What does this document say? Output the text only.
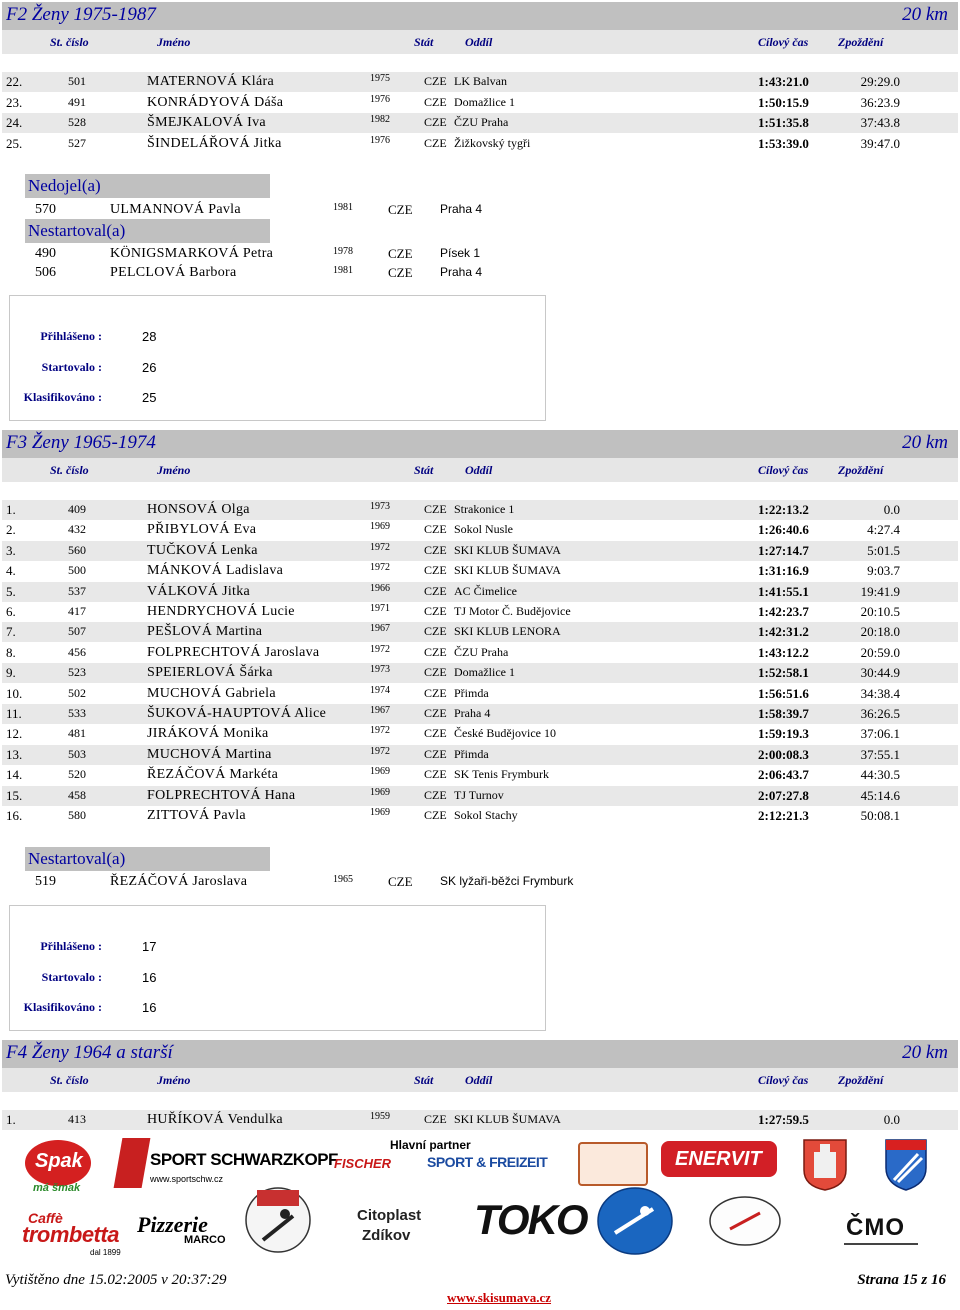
F2 Ženy 1975-1987	20 km
St. číslo	Jméno	Stát	Oddíl	Cílový čas Zpoždění
22.	501	MATERNOVÁ Klára	1975	CZE LK Balvan	1:43:21.0	29:29.0
23.	491	KONRÁDYOVÁ Dáša	1976	CZE Domažlice 1	1:50:15.9	36:23.9
24.	528	ŠMEJKALOVÁ Iva	1982	CZE ČZU Praha	1:51:35.8	37:43.8
25.	527	ŠINDELÁŘOVÁ Jitka	1976	CZE Žižkovský tygři	1:53:39.0	39:47.0
Nedojel(a)
570	ULMANNOVÁ Pavla	1981	CZE Praha 4
Nestartoval(a)
490	KÖNIGSMARKOVÁ Petra	1978	CZE Písek 1
506	PELCLOVÁ Barbora	1981	CZE Praha 4
Přihlášeno :	28
Startovalo :	26
Klasifikováno :	25
F3 Ženy 1965-1974	20 km
St. číslo	Jméno	Stát	Oddíl	Cílový čas Zpoždění
1.	409	HONSOVÁ Olga	1973	CZE Strakonice 1	1:22:13.2	0.0
2.	432	PŘIBYLOVÁ Eva	1969	CZE Sokol Nusle	1:26:40.6	4:27.4
3.	560	TUČKOVÁ Lenka	1972	CZE SKI KLUB ŠUMAVA	1:27:14.7	5:01.5
4.	500	MÁNKOVÁ Ladislava	1972	CZE SKI KLUB ŠUMAVA	1:31:16.9	9:03.7
5.	537	VÁLKOVÁ Jitka	1966	CZE AC Čimelice	1:41:55.1	19:41.9
6.	417	HENDRYCHOVÁ Lucie	1971	CZE TJ Motor Č. Budějovice	1:42:23.7	20:10.5
7.	507	PEŠLOVÁ Martina	1967	CZE SKI KLUB LENORA	1:42:31.2	20:18.0
8.	456	FOLPRECHTOVÁ Jaroslava	1972	CZE ČZU Praha	1:43:12.2	20:59.0
9.	523	SPEIERLOVÁ Šárka	1973	CZE Domažlice 1	1:52:58.1	30:44.9
10.	502	MUCHOVÁ Gabriela	1974	CZE Přimda	1:56:51.6	34:38.4
11.	533	ŠUKOVÁ-HAUPTOVÁ Alice	1967	CZE Praha 4	1:58:39.7	36:26.5
12.	481	JIRÁKOVÁ Monika	1972	CZE České Budějovice 10	1:59:19.3	37:06.1
13.	503	MUCHOVÁ Martina	1972	CZE Přimda	2:00:08.3	37:55.1
14.	520	ŘEZÁČOVÁ Markéta	1969	CZE SK Tenis Frymburk	2:06:43.7	44:30.5
15.	458	FOLPRECHTOVÁ Hana	1969	CZE TJ Turnov	2:07:27.8	45:14.6
16.	580	ZITTOVÁ Pavla	1969	CZE Sokol Stachy	2:12:21.3	50:08.1
Nestartoval(a)
519	ŘEZÁČOVÁ Jaroslava	1965	CZE SK lyžaři-běžci Frymburk
Přihlášeno :	17
Startovalo :	16
Klasifikováno :	16
F4 Ženy 1964 a starší	20 km
St. číslo	Jméno	Stát	Oddíl	Cílový čas Zpoždění
1.	413	HUŘÍKOVÁ Vendulka	1959	CZE SKI KLUB ŠUMAVA	1:27:59.5	0.0
Spak
má šmak
SPORT SCHWARZKOPF
www.sportschw.cz
Hlavní partner
FISCHER	SPORT & FREIZEIT	ENERVIT
Caffè
trombetta
dal 1899
Pizzerie
MARCO
Citoplast
Zdíkov TOKO	ČMO
Vytištěno dne 15.02:2005 v 20:37:29	Strana 15 z 16
www.skisumava.cz
